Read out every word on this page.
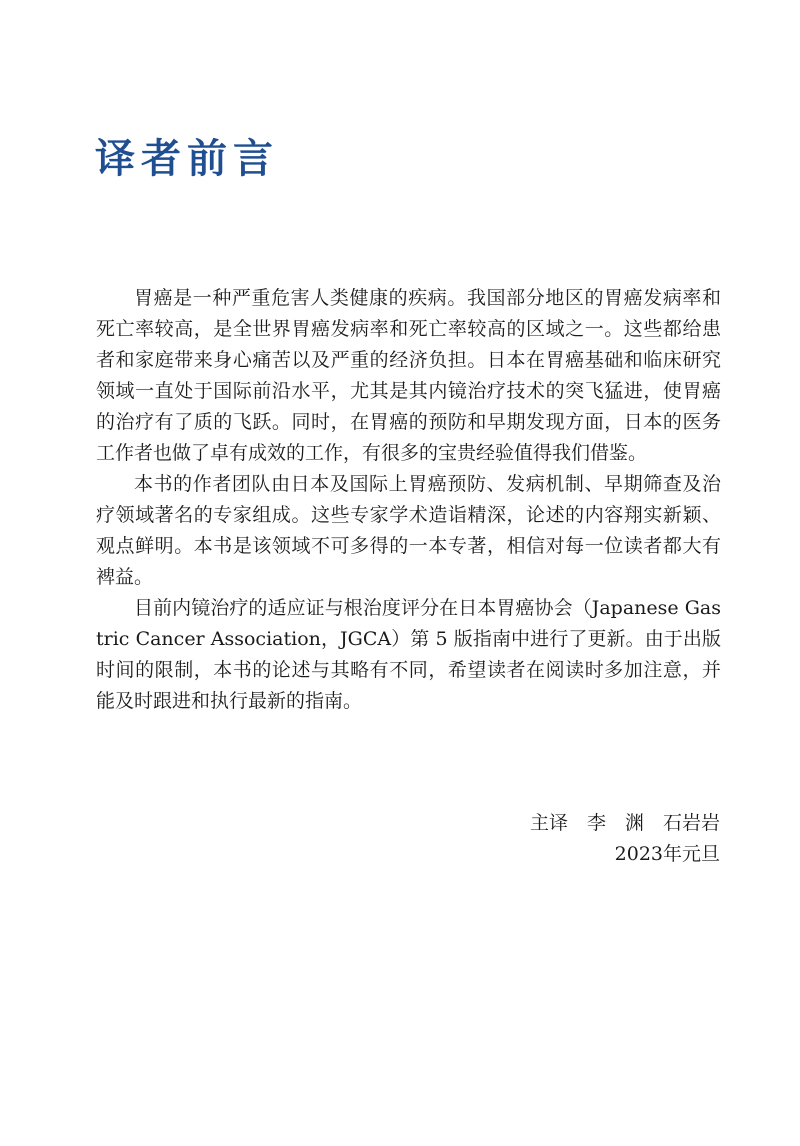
译者前言

胃癌是一种严重危害人类健康的疾病。我国部分地区的胃癌发病率和死亡率较高，是全世界胃癌发病率和死亡率较高的区域之一。这些都给患者和家庭带来身心痛苦以及严重的经济负担。日本在胃癌基础和临床研究领域一直处于国际前沿水平，尤其是其内镜治疗技术的突飞猛进，使胃癌的治疗有了质的飞跃。同时，在胃癌的预防和早期发现方面，日本的医务工作者也做了卓有成效的工作，有很多的宝贵经验值得我们借鉴。

本书的作者团队由日本及国际上胃癌预防、发病机制、早期筛查及治疗领域著名的专家组成。这些专家学术造诣精深，论述的内容翔实新颖、观点鲜明。本书是该领域不可多得的一本专著，相信对每一位读者都大有裨益。

目前内镜治疗的适应证与根治度评分在日本胃癌协会（Japanese Gastric Cancer Association，JGCA）第 5 版指南中进行了更新。由于出版时间的限制，本书的论述与其略有不同，希望读者在阅读时多加注意，并能及时跟进和执行最新的指南。

主译　李　渊　石岩岩
2023年元旦
